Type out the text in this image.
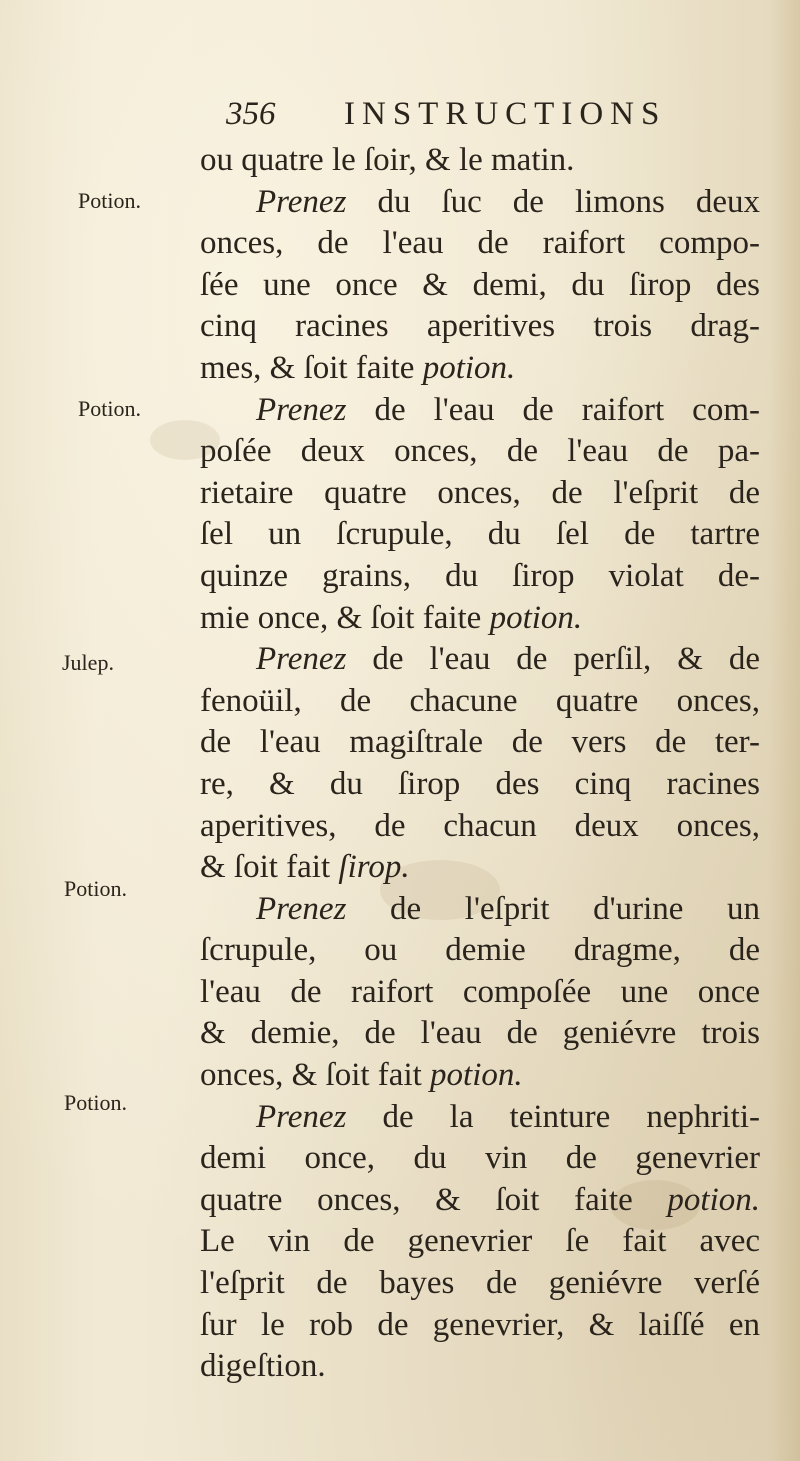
356 INSTRUCTIONS
Potion.
Potion.
Julep.
Potion.
Potion.
ou quatre le ſoir, & le matin.
Prenez du ſuc de limons deux
onces, de l'eau de raifort compo-
ſée une once & demi, du ſirop des
cinq racines aperitives trois drag-
mes, & ſoit faite potion.
Prenez de l'eau de raifort com-
poſée deux onces, de l'eau de pa-
rietaire quatre onces, de l'eſprit de
ſel un ſcrupule, du ſel de tartre
quinze grains, du ſirop violat de-
mie once, & ſoit faite potion.
Prenez de l'eau de perſil, & de
fenoüil, de chacune quatre onces,
de l'eau magiſtrale de vers de ter-
re, & du ſirop des cinq racines
aperitives, de chacun deux onces,
& ſoit fait ſirop.
Prenez de l'eſprit d'urine un
ſcrupule, ou demie dragme, de
l'eau de raifort compoſée une once
& demie, de l'eau de geniévre trois
onces, & ſoit fait potion.
Prenez de la teinture nephriti-
demi once, du vin de genevrier
quatre onces, & ſoit faite potion.
Le vin de genevrier ſe fait avec
l'eſprit de bayes de geniévre verſé
ſur le rob de genevrier, & laiſſé en
digeſtion.
